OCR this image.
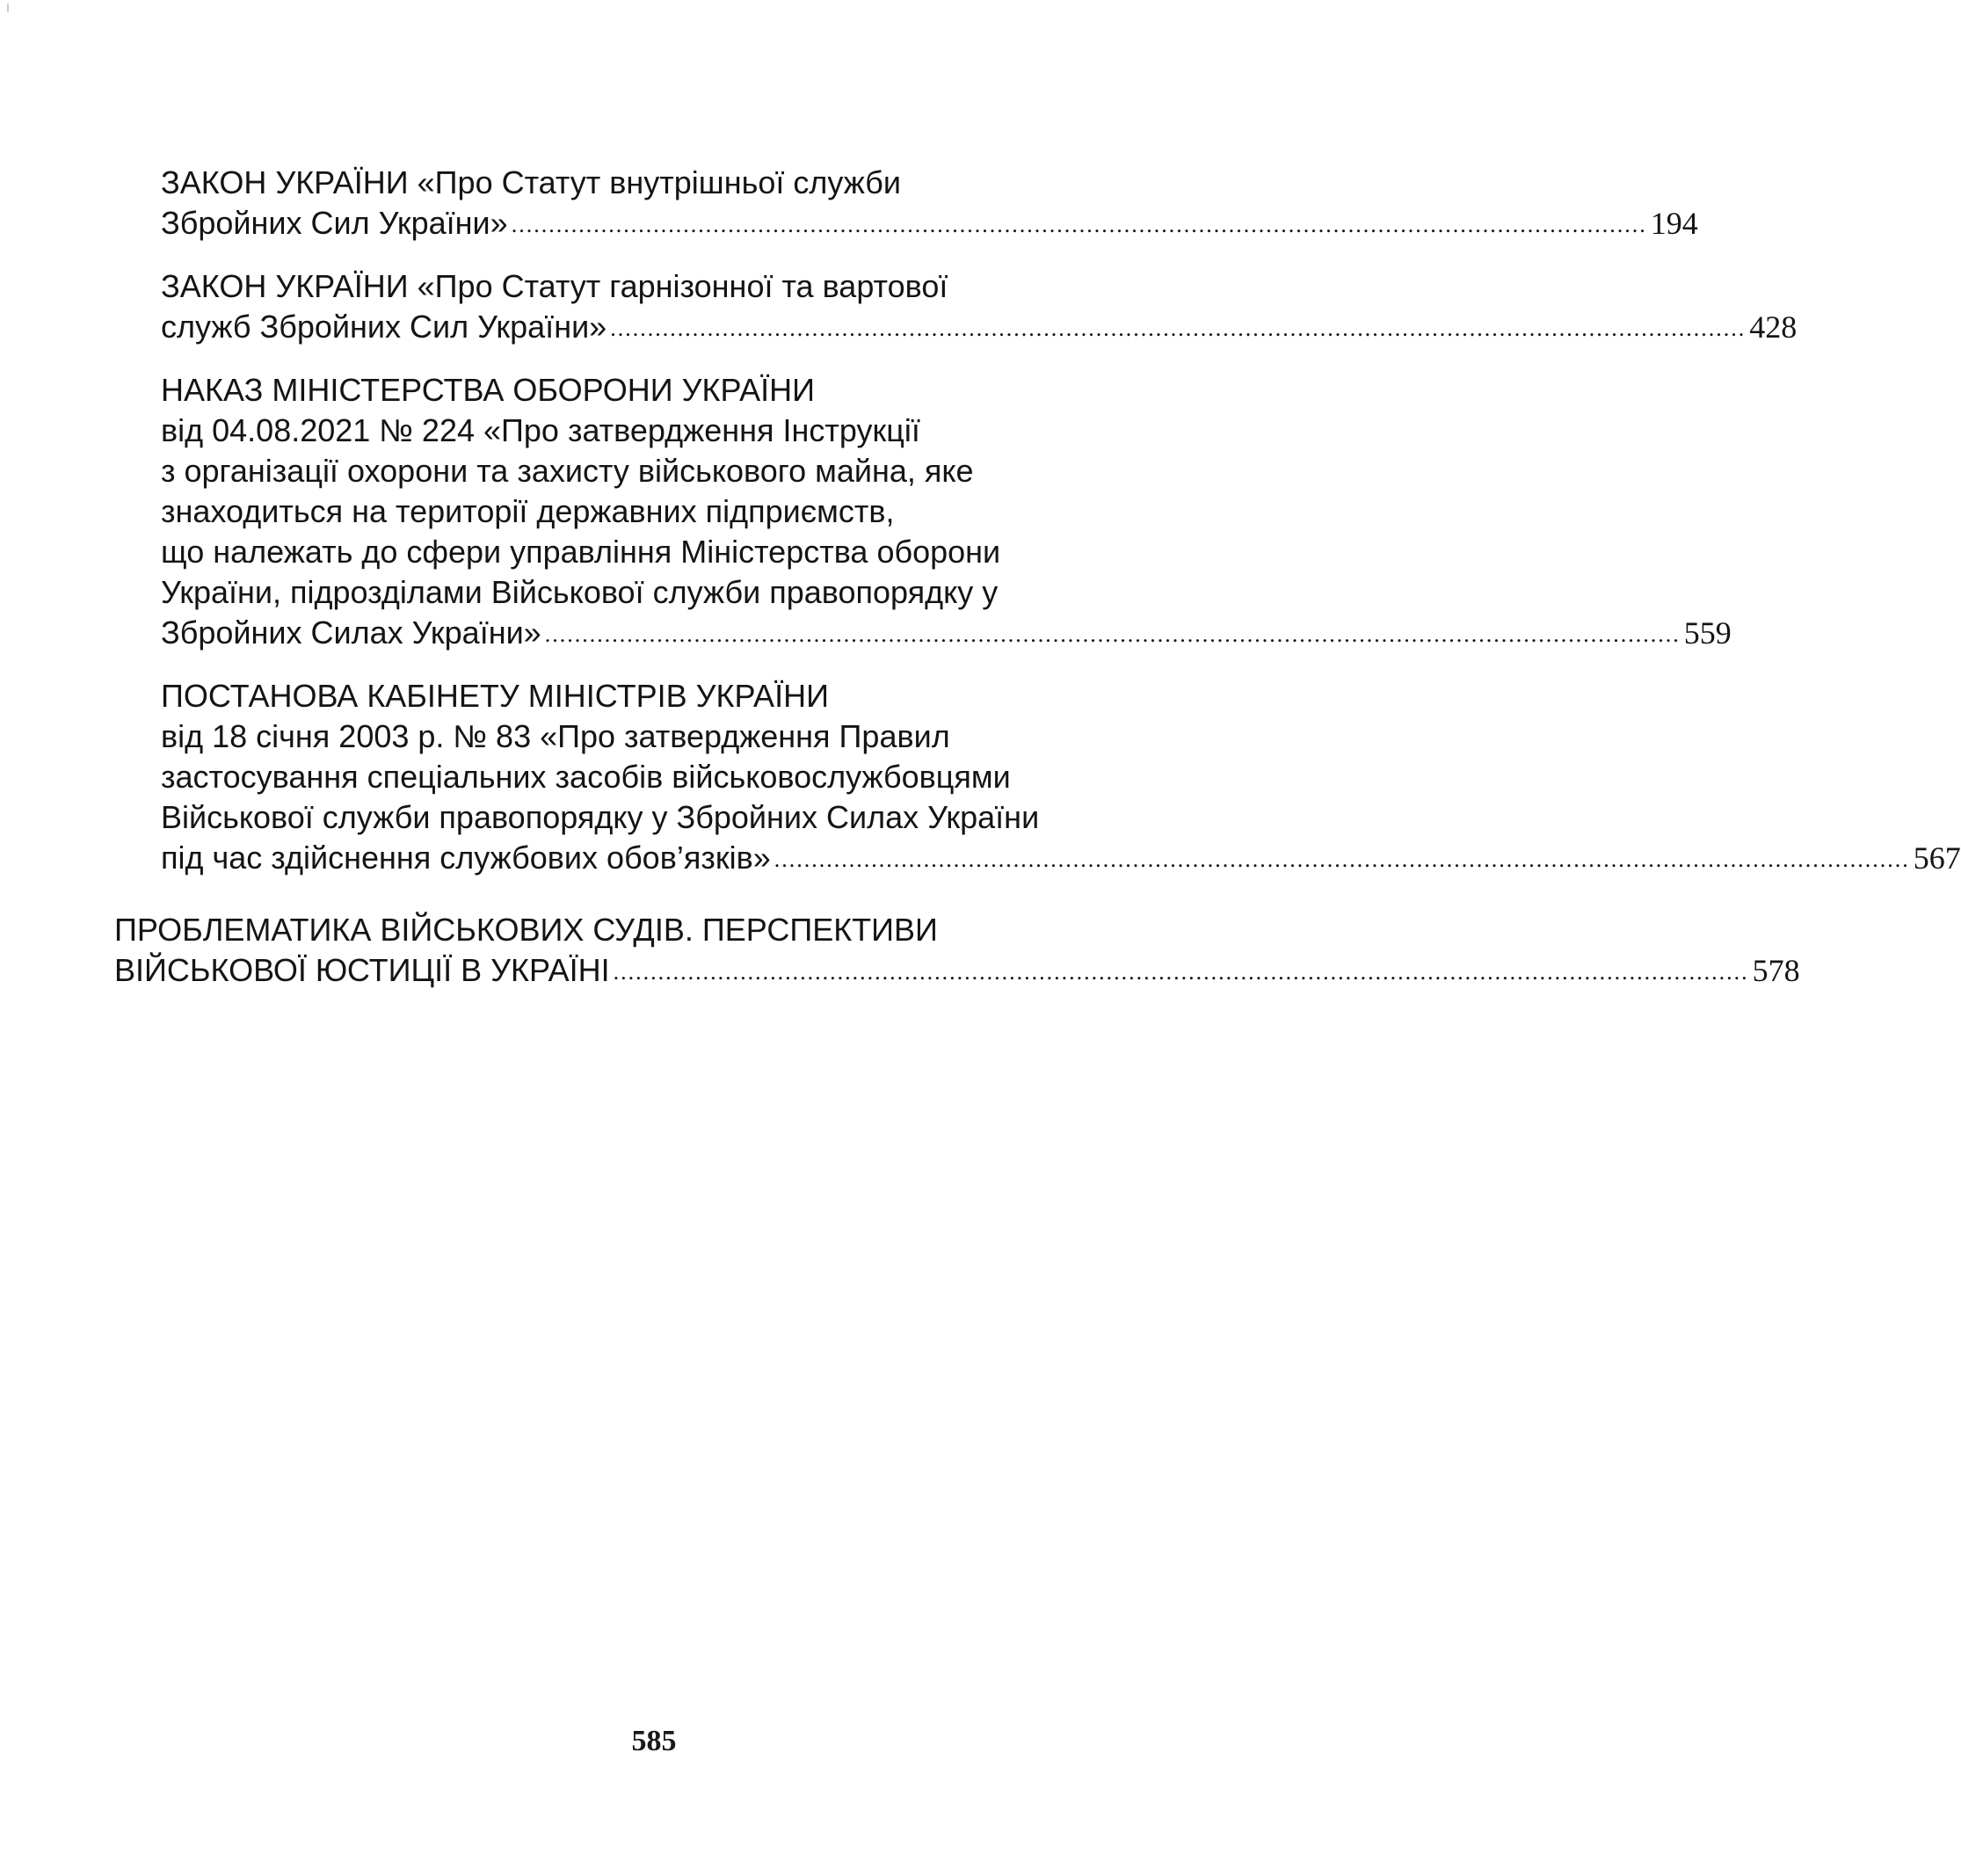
ЗАКОН УКРАЇНИ «Про Статут внутрішньої служби
Збройних Сил України» ........................................................................................................................................................ 194
ЗАКОН УКРАЇНИ «Про Статут гарнізонної та вартової
служб Збройних Сил України» ........................................................................................................................................................ 428
НАКАЗ МІНІСТЕРСТВА ОБОРОНИ УКРАЇНИ
від 04.08.2021 № 224 «Про затвердження Інструкції
з організації охорони та захисту військового майна, яке
знаходиться на території державних підприємств,
що належать до сфери управління Міністерства оборони
України, підрозділами Військової служби правопорядку у
Збройних Силах України» ........................................................................................................................................................ 559
ПОСТАНОВА КАБІНЕТУ МІНІСТРІВ УКРАЇНИ
від 18 січня 2003 р. № 83 «Про затвердження Правил
застосування спеціальних засобів військовослужбовцями
Військової служби правопорядку у Збройних Силах України
під час здійснення службових обов’язків» ........................................................................................................................................................ 567
ПРОБЛЕМАТИКА ВІЙСЬКОВИХ СУДІВ. ПЕРСПЕКТИВИ
ВІЙСЬКОВОЇ ЮСТИЦІЇ В УКРАЇНІ ........................................................................................................................................................ 578
585
